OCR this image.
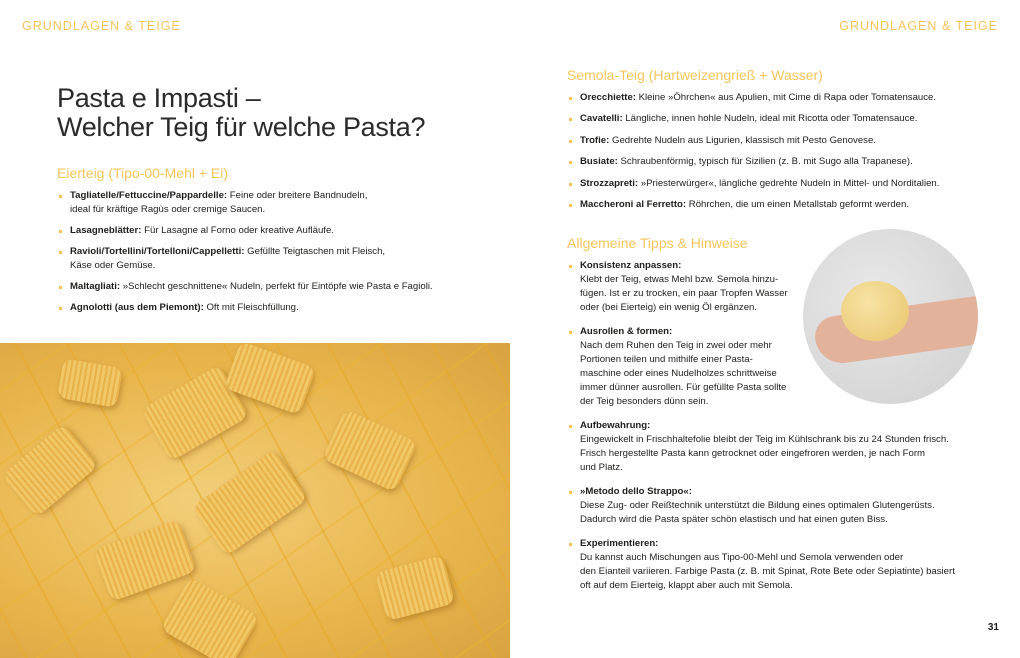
GRUNDLAGEN & TEIGE	GRUNDLAGEN & TEIGE
Pasta e Impasti –
Welcher Teig für welche Pasta?
Eierteig (Tipo-00-Mehl + Ei)
Tagliatelle/Fettuccine/Pappardelle: Feine oder breitere Bandnudeln,
ideal für kräftige Ragùs oder cremige Saucen.
Lasagneblätter: Für Lasagne al Forno oder kreative Aufläufe.
Ravioli/Tortellini/Tortelloni/Cappelletti: Gefüllte Teigtaschen mit Fleisch,
Käse oder Gemüse.
Maltagliati: »Schlecht geschnittene« Nudeln, perfekt für Eintöpfe wie Pasta e Fagioli.
Agnolotti (aus dem Piemont): Oft mit Fleischfüllung.
Semola-Teig (Hartweizengrieß + Wasser)
Orecchiette: Kleine »Öhrchen« aus Apulien, mit Cime di Rapa oder Tomatensauce.
Cavatelli: Längliche, innen hohle Nudeln, ideal mit Ricotta oder Tomatensauce.
Trofie: Gedrehte Nudeln aus Ligurien, klassisch mit Pesto Genovese.
Busiate: Schraubenförmig, typisch für Sizilien (z. B. mit Sugo alla Trapanese).
Strozzapreti: »Priesterwürger«, längliche gedrehte Nudeln in Mittel- und Norditalien.
Maccheroni al Ferretto: Röhrchen, die um einen Metallstab geformt werden.
Allgemeine Tipps & Hinweise
Konsistenz anpassen:
Klebt der Teig, etwas Mehl bzw. Semola hinzu-
fügen. Ist er zu trocken, ein paar Tropfen Wasser
oder (bei Eierteig) ein wenig Öl ergänzen.
Ausrollen & formen:
Nach dem Ruhen den Teig in zwei oder mehr
Portionen teilen und mithilfe einer Pasta-
maschine oder eines Nudelholzes schrittweise
immer dünner ausrollen. Für gefüllte Pasta sollte
der Teig besonders dünn sein.
Aufbewahrung:
Eingewickelt in Frischhaltefolie bleibt der Teig im Kühlschrank bis zu 24 Stunden frisch.
Frisch hergestellte Pasta kann getrocknet oder eingefroren werden, je nach Form
und Platz.
»Metodo dello Strappo«:
Diese Zug- oder Reißtechnik unterstützt die Bildung eines optimalen Glutengerüsts.
Dadurch wird die Pasta später schön elastisch und hat einen guten Biss.
Experimentieren:
Du kannst auch Mischungen aus Tipo-00-Mehl und Semola verwenden oder
den Eianteil variieren. Farbige Pasta (z. B. mit Spinat, Rote Bete oder Sepiatinte) basiert
oft auf dem Eierteig, klappt aber auch mit Semola.
31
